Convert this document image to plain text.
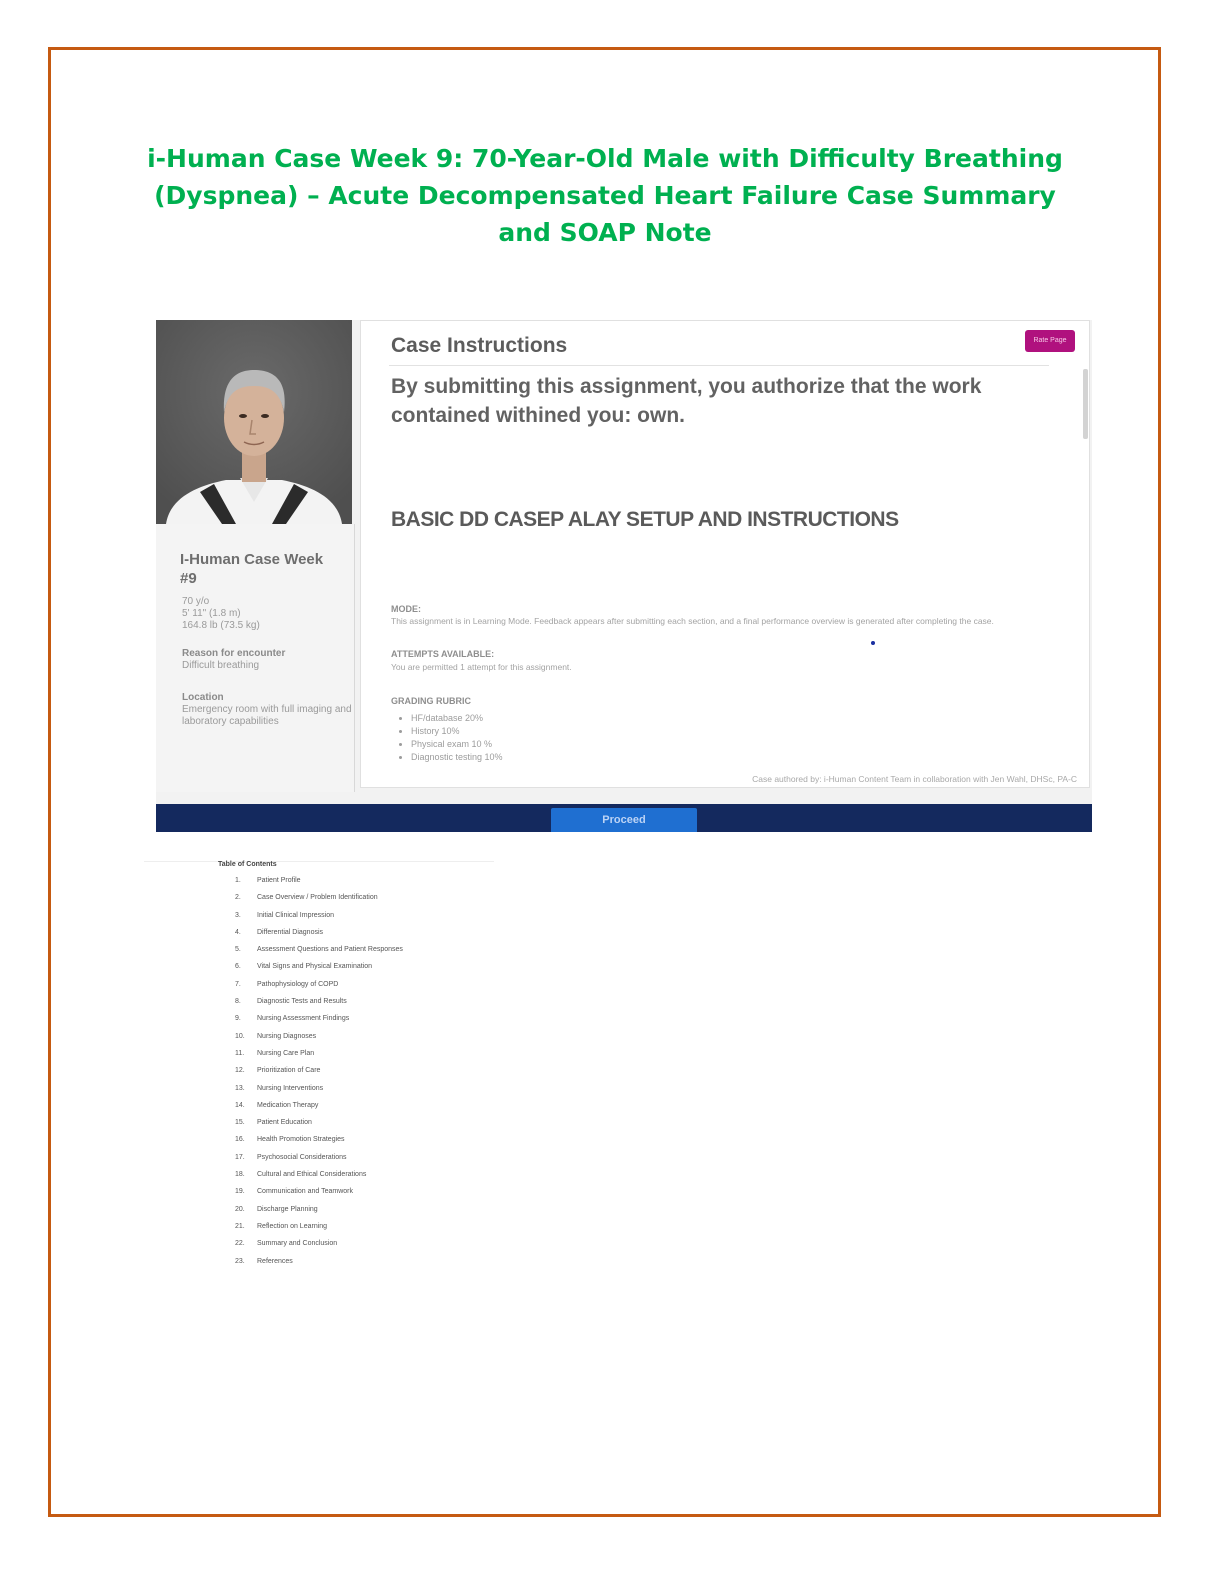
i-Human Case Week 9: 70-Year-Old Male with Difficulty Breathing (Dyspnea) – Acute Decompensated Heart Failure Case Summary and SOAP Note
I-Human Case Week #9
70 y/o
5' 11" (1.8 m)
164.8 lb (73.5 kg)
Reason for encounter
Difficult breathing
Location
Emergency room with full imaging and laboratory capabilities
Case Instructions	Rate Page
By submitting this assignment, you authorize that the work contained withined you: own.
BASIC DD CASEP ALAY SETUP AND INSTRUCTIONS
MODE:
This assignment is in Learning Mode. Feedback appears after submitting each section, and a final performance overview is generated after completing the case.
ATTEMPTS AVAILABLE:
You are permitted 1 attempt for this assignment.
GRADING RUBRIC
• HF/database 20%
• History 10%
• Physical exam 10 %
• Diagnostic testing 10%
Case authored by: i-Human Content Team in collaboration with Jen Wahl, DHSc, PA-C
Proceed
Table of Contents
1. Patient Profile
2. Case Overview / Problem Identification
3. Initial Clinical Impression
4. Differential Diagnosis
5. Assessment Questions and Patient Responses
6. Vital Signs and Physical Examination
7. Pathophysiology of COPD
8. Diagnostic Tests and Results
9. Nursing Assessment Findings
10. Nursing Diagnoses
11. Nursing Care Plan
12. Prioritization of Care
13. Nursing Interventions
14. Medication Therapy
15. Patient Education
16. Health Promotion Strategies
17. Psychosocial Considerations
18. Cultural and Ethical Considerations
19. Communication and Teamwork
20. Discharge Planning
21. Reflection on Learning
22. Summary and Conclusion
23. References
